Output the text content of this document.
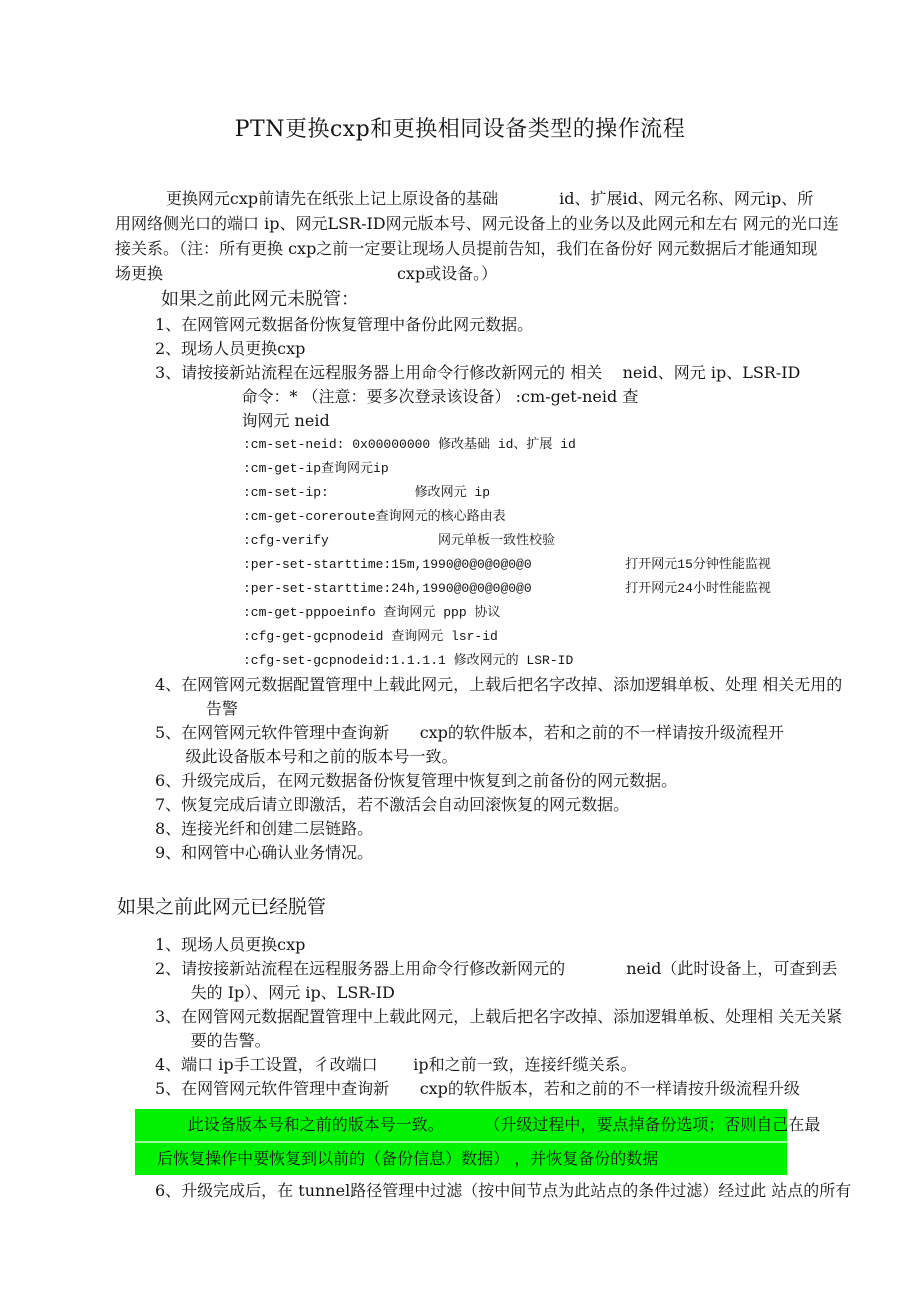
PTN更换cxp和更换相同设备类型的操作流程
更换网元cxp前请先在纸张上记上原设备的基础            id、扩展id、网元名称、网元ip、所
用网络侧光口的端口 ip、网元LSR-ID网元版本号、网元设备上的业务以及此网元和左右 网元的光口连
接关系。（注：所有更换 cxp之前一定要让现场人员提前告知，我们在备份好 网元数据后才能通知现
场更换                                              cxp或设备。）
如果之前此网元未脱管：
1、在网管网元数据备份恢复管理中备份此网元数据。
2、现场人员更换cxp
3、请按接新站流程在远程服务器上用命令行修改新网元的 相关    neid、网元 ip、LSR-ID
命令：* （注意：要多次登录该设备） :cm-get-neid 查
询网元 neid
:cm-set-neid: 0x00000000 修改基础 id、扩展 id
:cm-get-ip查询网元ip
:cm-set-ip:           修改网元 ip
:cm-get-coreroute查询网元的核心路由表
:cfg-verify              网元单板一致性校验
:per-set-starttime:15m,1990@0@0@0@0@0            打开网元15分钟性能监视
:per-set-starttime:24h,1990@0@0@0@0@0            打开网元24小时性能监视
:cm-get-pppoeinfo 查询网元 ppp 协议
:cfg-get-gcpnodeid 查询网元 lsr-id
:cfg-set-gcpnodeid:1.1.1.1 修改网元的 LSR-ID
4、在网管网元数据配置管理中上载此网元，上载后把名字改掉、添加逻辑单板、处理 相关无用的
告警
5、在网管网元软件管理中查询新      cxp的软件版本，若和之前的不一样请按升级流程开
级此设备版本号和之前的版本号一致。
6、升级完成后，在网元数据备份恢复管理中恢复到之前备份的网元数据。
7、恢复完成后请立即激活，若不激活会自动回滚恢复的网元数据。
8、连接光纤和创建二层链路。
9、和网管中心确认业务情况。
如果之前此网元已经脱管
1、现场人员更换cxp
2、请按接新站流程在远程服务器上用命令行修改新网元的            neid（此时设备上，可查到丢
失的 Ip）、网元 ip、LSR-ID
3、在网管网元数据配置管理中上载此网元，上载后把名字改掉、添加逻辑单板、处理相 关无关紧
要的告警。
4、端口 ip手工设置，彳改端口       ip和之前一致，连接纤缆关系。
5、在网管网元软件管理中查询新      cxp的软件版本，若和之前的不一样请按升级流程升级
此设备版本号和之前的版本号一致。        （升级过程中，要点掉备份选项；否则自己在最
后恢复操作中要恢复到以前的（备份信息）数据） ，并恢复备份的数据
6、升级完成后，在 tunnel路径管理中过滤（按中间节点为此站点的条件过滤）经过此 站点的所有
